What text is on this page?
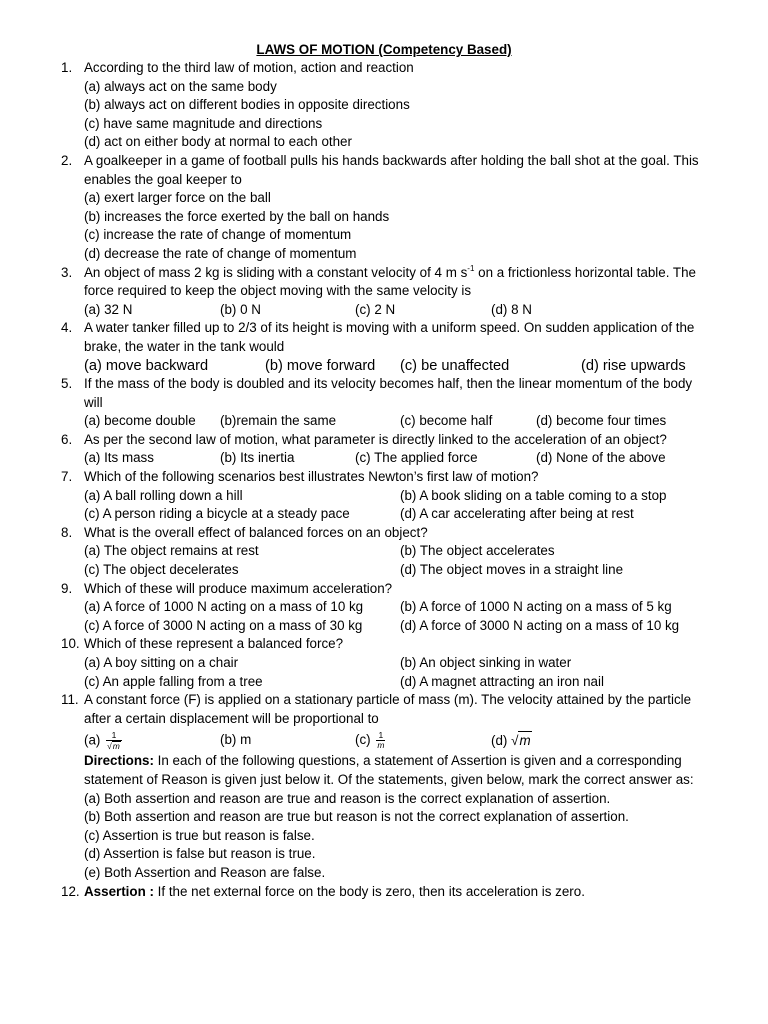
LAWS OF MOTION (Competency Based)
1. According to the third law of motion, action and reaction
(a) always act on the same body
(b) always act on different bodies in opposite directions
(c) have same magnitude and directions
(d) act on either body at normal to each other
2. A goalkeeper in a game of football pulls his hands backwards after holding the ball shot at the goal. This
enables the goal keeper to
(a) exert larger force on the ball
(b) increases the force exerted by the ball on hands
(c) increase the rate of change of momentum
(d) decrease the rate of change of momentum
3. An object of mass 2 kg is sliding with a constant velocity of 4 m $s^{-1}$ on a frictionless horizontal table. The
force required to keep the object moving with the same velocity is
(a) 32 N	(b) 0 N	(c) 2 N	(d) 8 N
4. A water tanker filled up to 2/3 of its height is moving with a uniform speed. On sudden application of the
brake, the water in the tank would
(a) move backward	(b) move forward (c) be unaffected	(d) rise upwards
5. If the mass of the body is doubled and its velocity becomes half, then the linear momentum of the body
will
(a) become double (b)remain the same	(c) become half	(d) become four times
6. As per the second law of motion, what parameter is directly linked to the acceleration of an object?
(a) Its mass	(b) Its inertia	(c) The applied force	(d) None of the above
7. Which of the following scenarios best illustrates Newton’s first law of motion?
(a) A ball rolling down a hill	(b) A book sliding on a table coming to a stop
(c) A person riding a bicycle at a steady pace	(d) A car accelerating after being at rest
8. What is the overall effect of balanced forces on an object?
(a) The object remains at rest	(b) The object accelerates
(c) The object decelerates	(d) The object moves in a straight line
9. Which of these will produce maximum acceleration?
(a) A force of 1000 N acting on a mass of 10 kg	(b) A force of 1000 N acting on a mass of 5 kg
(c) A force of 3000 N acting on a mass of 30 kg	(d) A force of 3000 N acting on a mass of 10 kg
10. Which of these represent a balanced force?
(a) A boy sitting on a chair	(b) An object sinking in water
(c) An apple falling from a tree	(d) A magnet attracting an iron nail
11. A constant force (F) is applied on a stationary particle of mass (m). The velocity attained by the particle
after a certain displacement will be proportional to
$(a) \frac{1}{√m}$	(b) m	$(c) \frac{1}{m}$	(d) √m
Directions: In each of the following questions, a statement of Assertion is given and a corresponding
statement of Reason is given just below it. Of the statements, given below, mark the correct answer as:
(a) Both assertion and reason are true and reason is the correct explanation of assertion.
(b) Both assertion and reason are true but reason is not the correct explanation of assertion.
(c) Assertion is true but reason is false.
(d) Assertion is false but reason is true.
(e) Both Assertion and Reason are false.
12. Assertion : If the net external force on the body is zero, then its acceleration is zero.
